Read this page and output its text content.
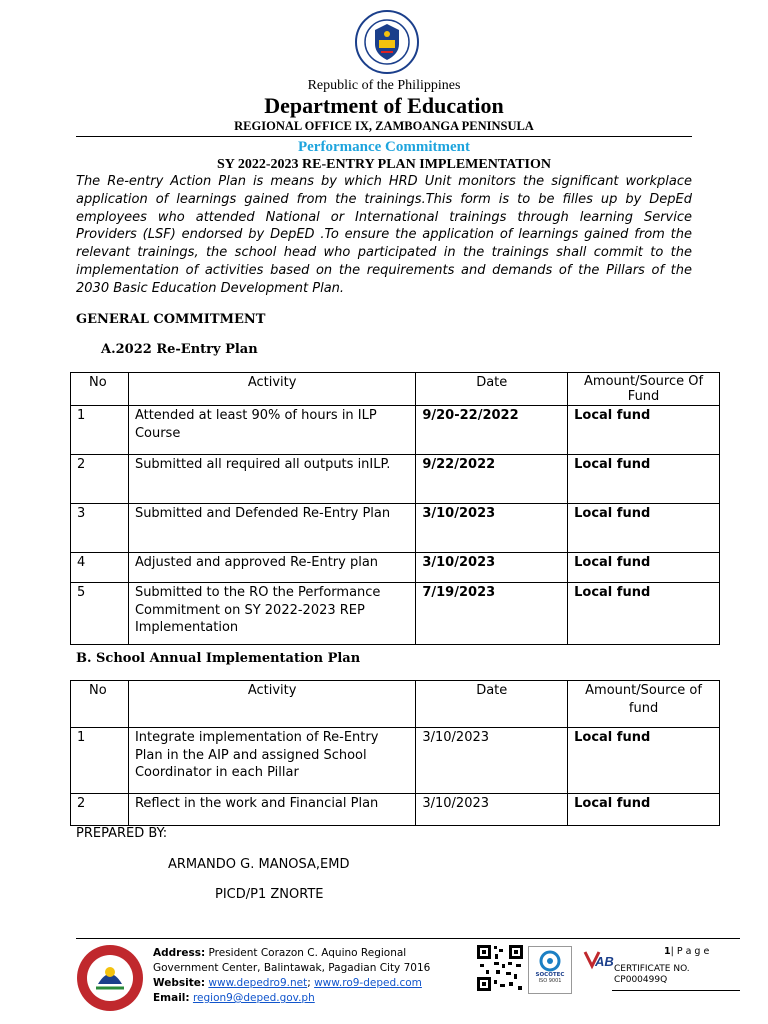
Republic of the Philippines
Department of Education
REGIONAL OFFICE IX, ZAMBOANGA PENINSULA
Performance Commitment
SY 2022-2023 RE-ENTRY PLAN IMPLEMENTATION
The Re-entry Action Plan is means by which HRD Unit monitors the significant workplace application of learnings gained from the trainings.This form is to be filles up by DepEd employees who attended National or International trainings through learning Service Providers (LSF) endorsed by DepED .To ensure the application of learnings gained from the relevant trainings, the school head who participated in the trainings shall commit to the implementation of activities based on the requirements and demands of the Pillars of the 2030 Basic Education Development Plan.
GENERAL COMMITMENT
A.2022 Re-Entry Plan
No	Activity	Date	Amount/Source Of Fund
1	Attended at least 90% of hours in ILP Course	9/20-22/2022	Local fund
2	Submitted all required all outputs inILP.	9/22/2022	Local fund
3	Submitted and Defended Re-Entry Plan	3/10/2023	Local fund
4	Adjusted and approved Re-Entry plan	3/10/2023	Local fund
5	Submitted to the RO the Performance Commitment on SY 2022-2023 REP Implementation	7/19/2023	Local fund
B. School Annual Implementation Plan
No	Activity	Date	Amount/Source of fund
1	Integrate implementation of Re-Entry Plan in the AIP and assigned School Coordinator in each Pillar	3/10/2023	Local fund
2	Reflect in the work and Financial Plan	3/10/2023	Local fund
PREPARED BY:
ARMANDO G. MANOSA,EMD
PICD/P1 ZNORTE
Address: President Corazon C. Aquino Regional Government Center, Balintawak, Pagadian City 7016
Website: www.depedro9.net; www.ro9-deped.com
Email: region9@deped.gov.ph
SOCOTEC
ISO 9001
AB
1| P a g e
CERTIFICATE NO.
CP000499Q
